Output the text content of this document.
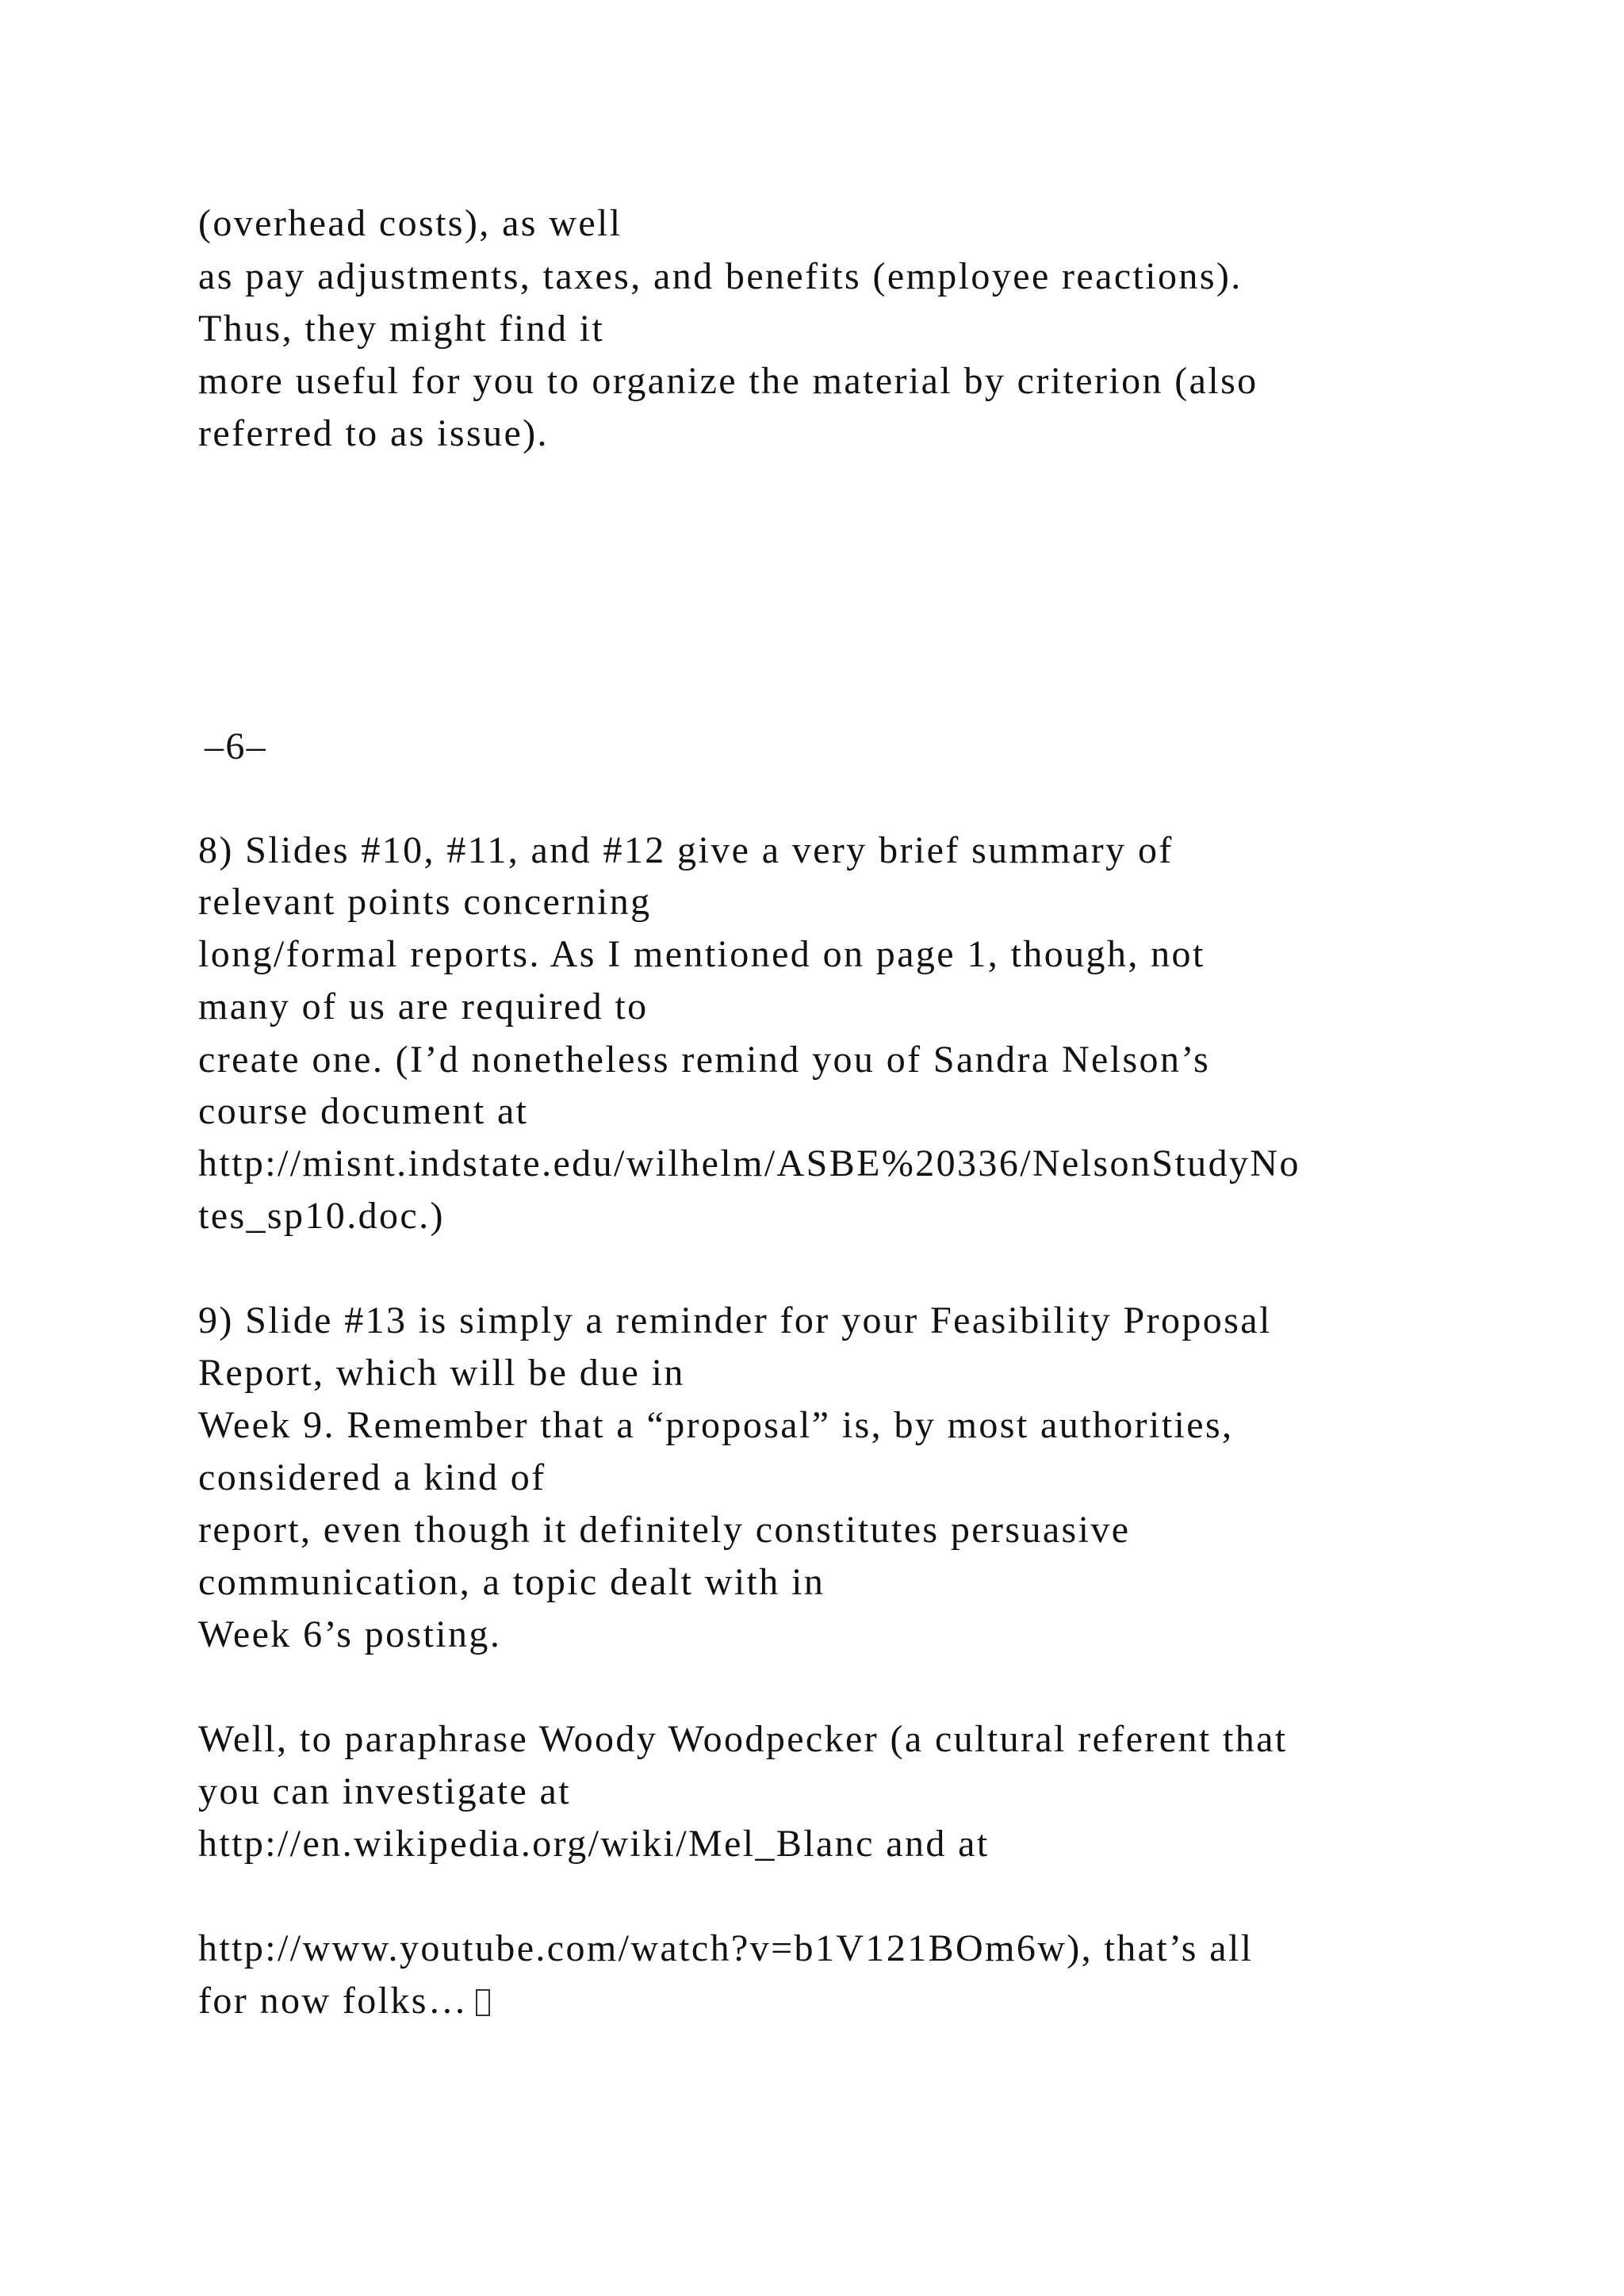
(overhead costs), as well
as pay adjustments, taxes, and benefits (employee reactions).
Thus, they might find it
more useful for you to organize the material by criterion (also
referred to as issue).
–6–
8) Slides #10, #11, and #12 give a very brief summary of
relevant points concerning
long/formal reports. As I mentioned on page 1, though, not
many of us are required to
create one. (I’d nonetheless remind you of Sandra Nelson’s
course document at
http://misnt.indstate.edu/wilhelm/ASBE%20336/NelsonStudyNo
tes_sp10.doc.)
9) Slide #13 is simply a reminder for your Feasibility Proposal
Report, which will be due in
Week 9. Remember that a “proposal” is, by most authorities,
considered a kind of
report, even though it definitely constitutes persuasive
communication, a topic dealt with in
Week 6’s posting.
Well, to paraphrase Woody Woodpecker (a cultural referent that
you can investigate at
http://en.wikipedia.org/wiki/Mel_Blanc and at
http://www.youtube.com/watch?v=b1V121BOm6w), that’s all
for now folks…
